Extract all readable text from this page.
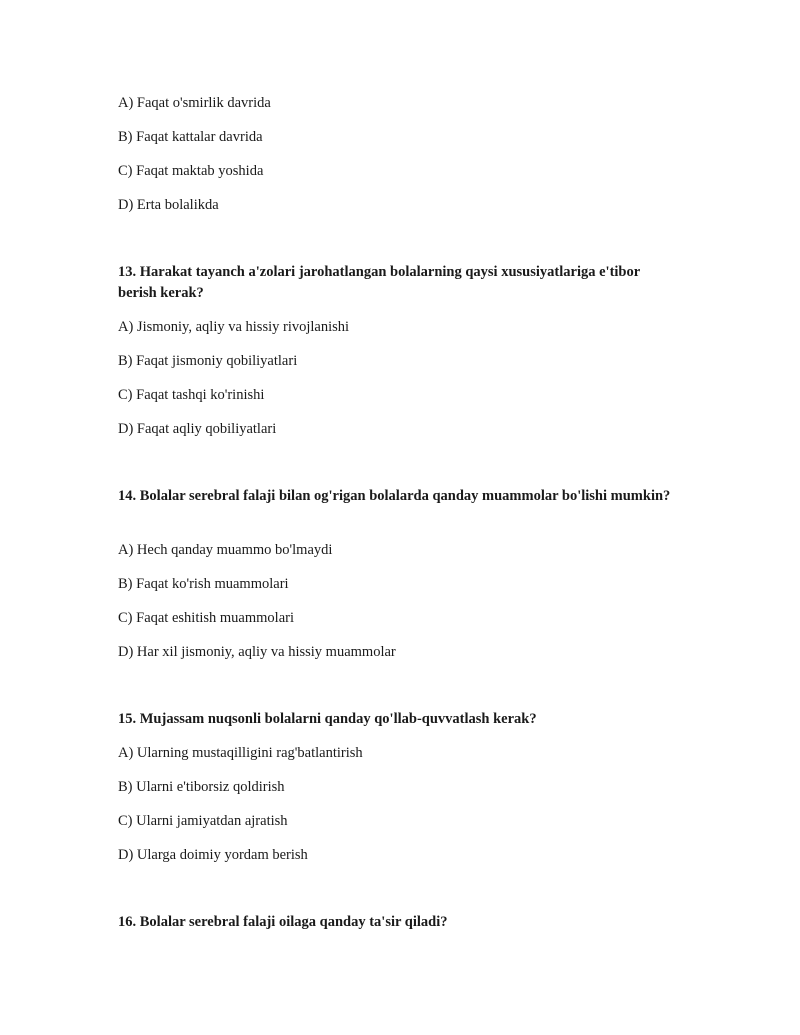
A) Faqat o'smirlik davrida

B) Faqat kattalar davrida

C) Faqat maktab yoshida

D) Erta bolalikda

13. Harakat tayanch a'zolari jarohatlangan bolalarning qaysi xususiyatlariga e'tibor berish kerak?

A) Jismoniy, aqliy va hissiy rivojlanishi

B) Faqat jismoniy qobiliyatlari

C) Faqat tashqi ko'rinishi

D) Faqat aqliy qobiliyatlari

14. Bolalar serebral falaji bilan og'rigan bolalarda qanday muammolar bo'lishi mumkin?

A) Hech qanday muammo bo'lmaydi

B) Faqat ko'rish muammolari

C) Faqat eshitish muammolari

D) Har xil jismoniy, aqliy va hissiy muammolar

15. Mujassam nuqsonli bolalarni qanday qo'llab-quvvatlash kerak?

A) Ularning mustaqilligini rag'batlantirish

B) Ularni e'tiborsiz qoldirish

C) Ularni jamiyatdan ajratish

D) Ularga doimiy yordam berish

16. Bolalar serebral falaji oilaga qanday ta'sir qiladi?
